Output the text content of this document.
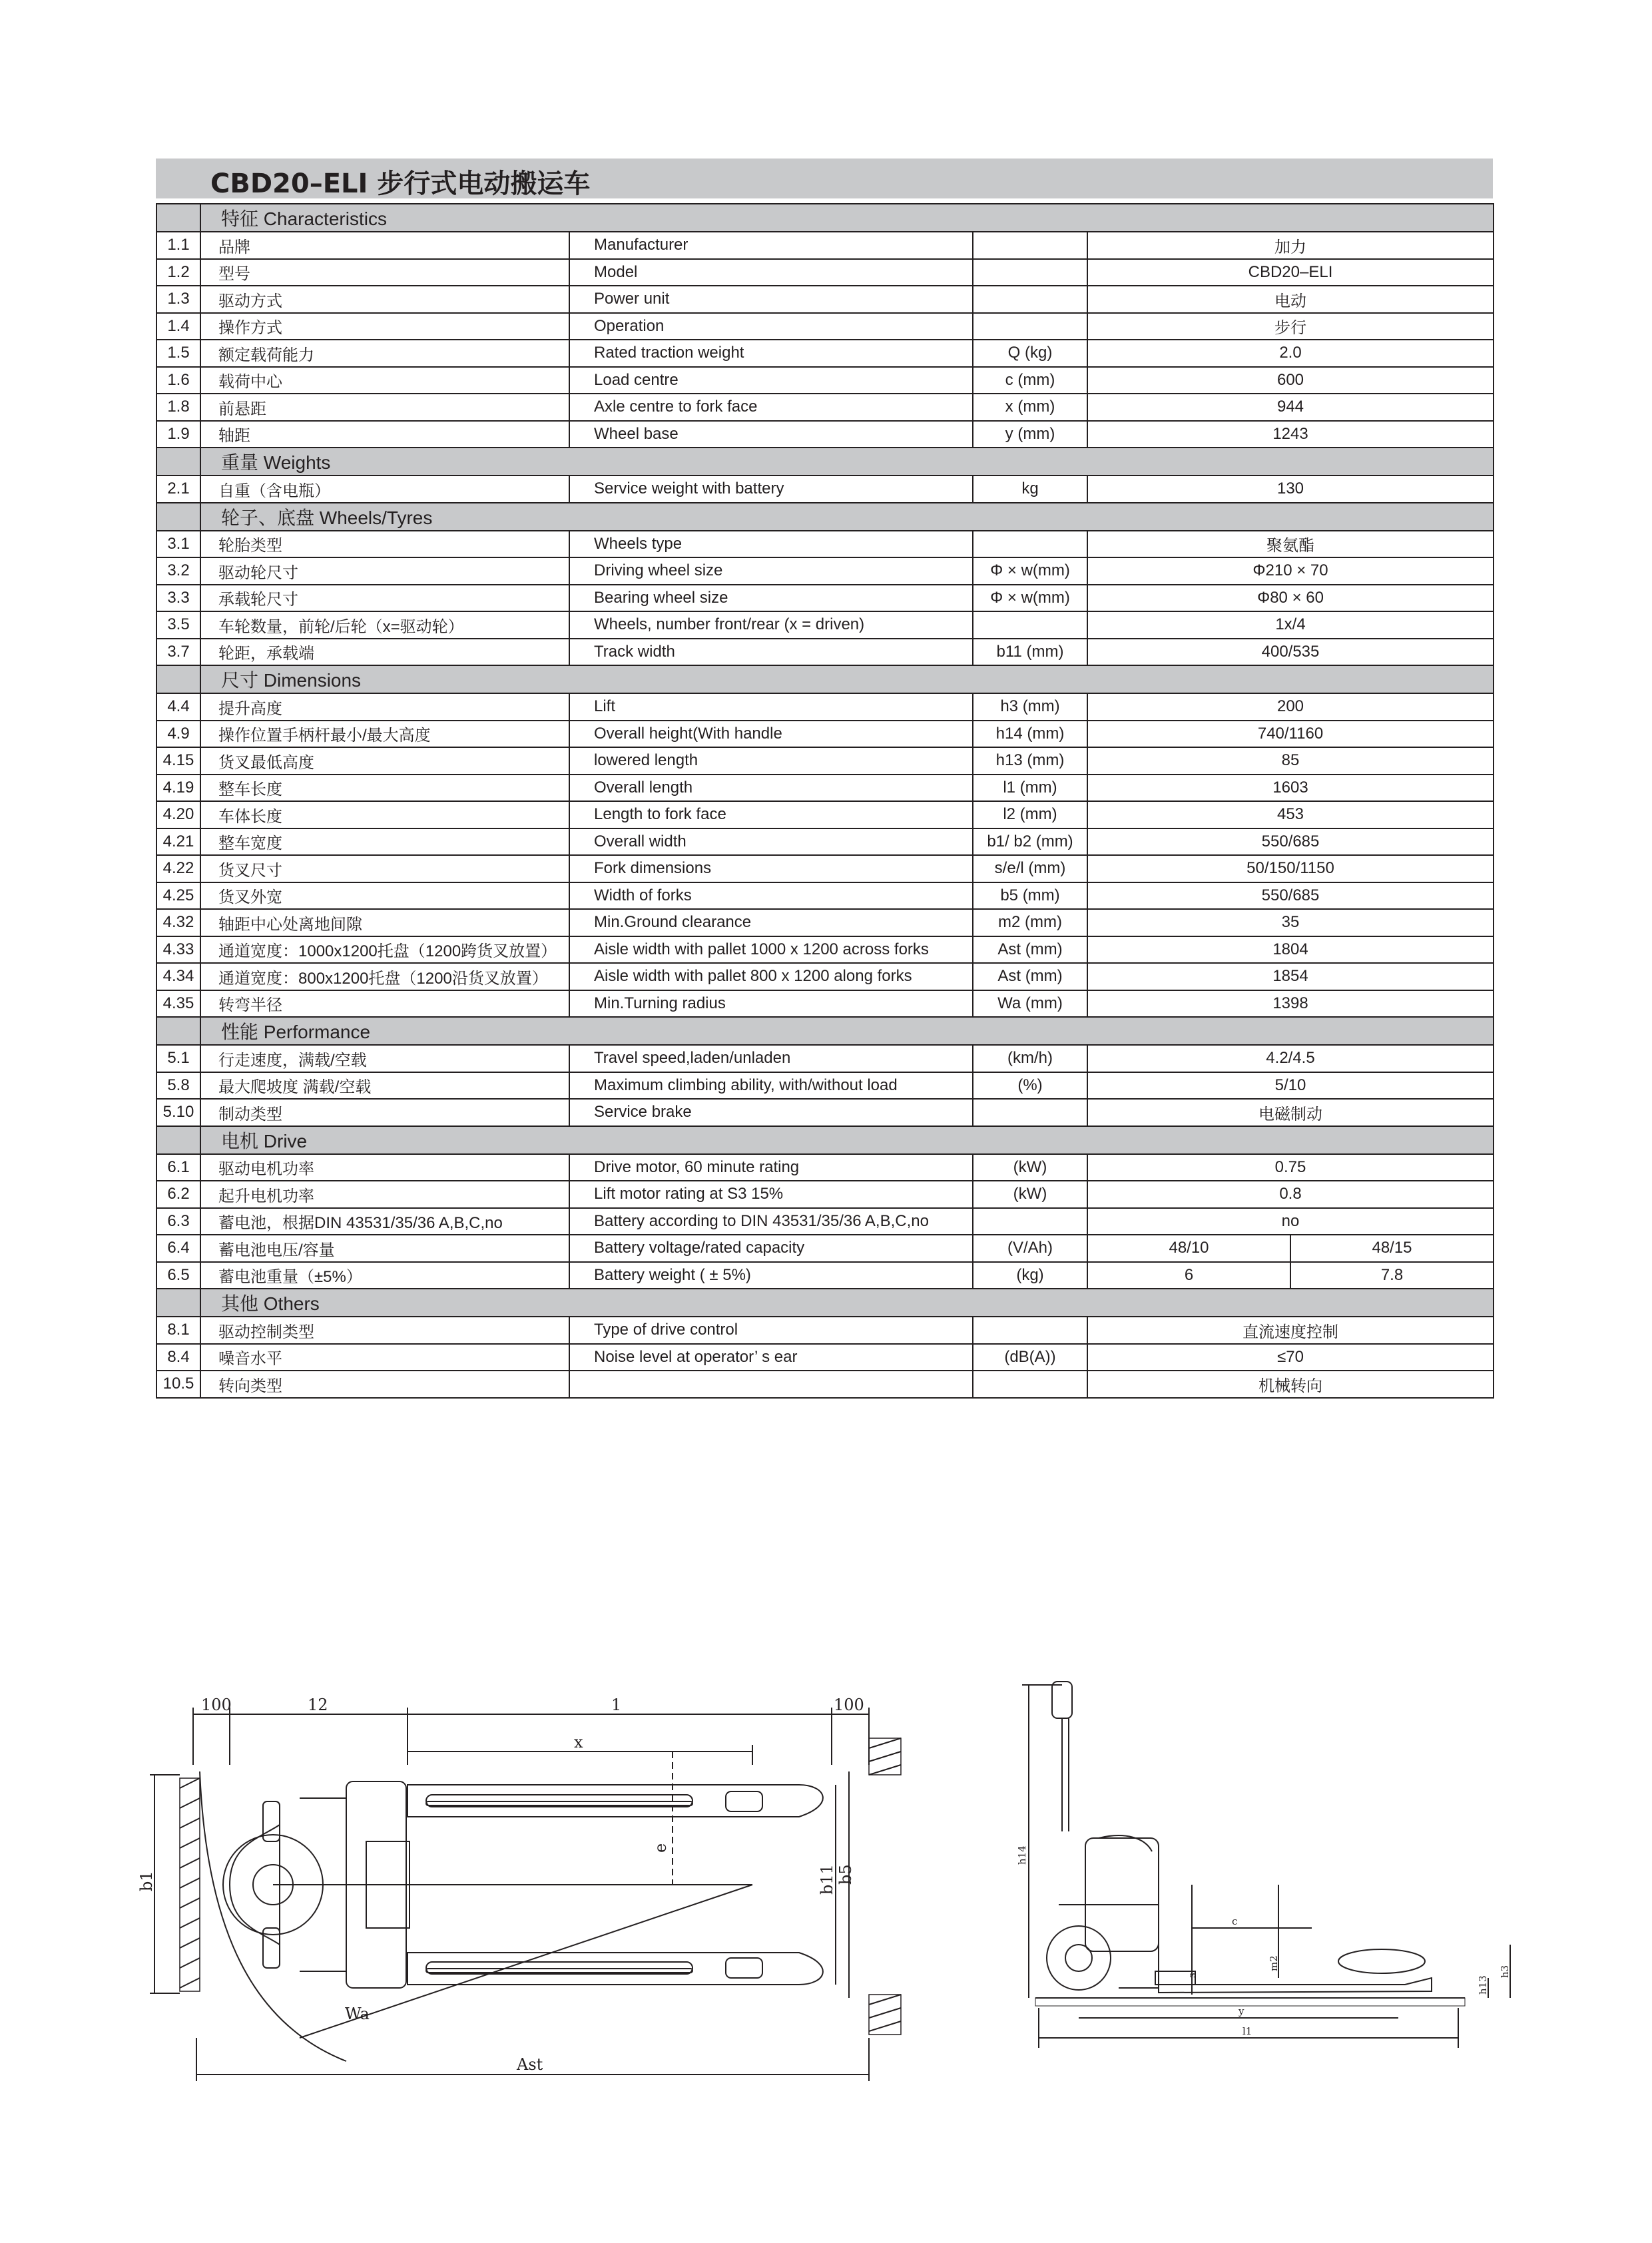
CBD20–ELI 步行式电动搬运车
	特征 Characteristics				
1.1	品牌	Manufacturer		加力	
1.2	型号	Model		CBD20–ELI	
1.3	驱动方式	Power unit		电动	
1.4	操作方式	Operation		步行	
1.5	额定载荷能力	Rated traction weight	Q (kg)	2.0	
1.6	载荷中心	Load centre	c (mm)	600	
1.8	前悬距	Axle centre to fork face	x (mm)	944	
1.9	轴距	Wheel base	y (mm)	1243	
	重量 Weights				
2.1	自重（含电瓶）	Service weight with battery	kg	130	
	轮子、底盘 Wheels/Tyres				
3.1	轮胎类型	Wheels type		聚氨酯	
3.2	驱动轮尺寸	Driving wheel size	Φ × w(mm)	Φ210 × 70	
3.3	承载轮尺寸	Bearing wheel size	Φ × w(mm)	Φ80 × 60	
3.5	车轮数量，前轮/后轮（x=驱动轮）	Wheels, number front/rear (x = driven)		1x/4	
3.7	轮距，承载端	Track width	b11 (mm)	400/535	
	尺寸 Dimensions				
4.4	提升高度	Lift	h3 (mm)	200	
4.9	操作位置手柄杆最小/最大高度	Overall height(With handle	h14 (mm)	740/1160	
4.15	货叉最低高度	lowered length	h13 (mm)	85	
4.19	整车长度	Overall length	l1 (mm)	1603	
4.20	车体长度	Length to fork face	l2 (mm)	453	
4.21	整车宽度	Overall width	b1/ b2 (mm)	550/685	
4.22	货叉尺寸	Fork dimensions	s/e/l (mm)	50/150/1150	
4.25	货叉外宽	Width of forks	b5 (mm)	550/685	
4.32	轴距中心处离地间隙	Min.Ground clearance	m2 (mm)	35	
4.33	通道宽度：1000x1200托盘（1200跨货叉放置）	Aisle width with pallet 1000 x 1200 across forks	Ast (mm)	1804	
4.34	通道宽度：800x1200托盘（1200沿货叉放置）	Aisle width with pallet 800 x 1200 along forks	Ast (mm)	1854	
4.35	转弯半径	Min.Turning radius	Wa (mm)	1398	
	性能 Performance				
5.1	行走速度，满载/空载	Travel speed,laden/unladen	(km/h)	4.2/4.5	
5.8	最大爬坡度 满载/空载	Maximum climbing ability, with/without load	(%)	5/10	
5.10	制动类型	Service brake		电磁制动	
	电机 Drive				
6.1	驱动电机功率	Drive motor, 60 minute rating	(kW)	0.75	
6.2	起升电机功率	Lift motor rating at S3 15%	(kW)	0.8	
6.3	蓄电池，根据DIN 43531/35/36 A,B,C,no	Battery according to DIN 43531/35/36 A,B,C,no		no	
6.4	蓄电池电压/容量	Battery voltage/rated capacity	(V/Ah)	48/10	48/15
6.5	蓄电池重量（±5%）	Battery weight ( ± 5%)	(kg)	6	7.8
	其他 Others				
8.1	驱动控制类型	Type of drive control		直流速度控制	
8.4	噪音水平	Noise level at operator’ s ear	(dB(A))	≤70	
10.5	转向类型			机械转向	
100	12	1	100
x
e
b11 b5
b1
Wa
Ast
h14
c
m2
s
h13
h3
y
l1
